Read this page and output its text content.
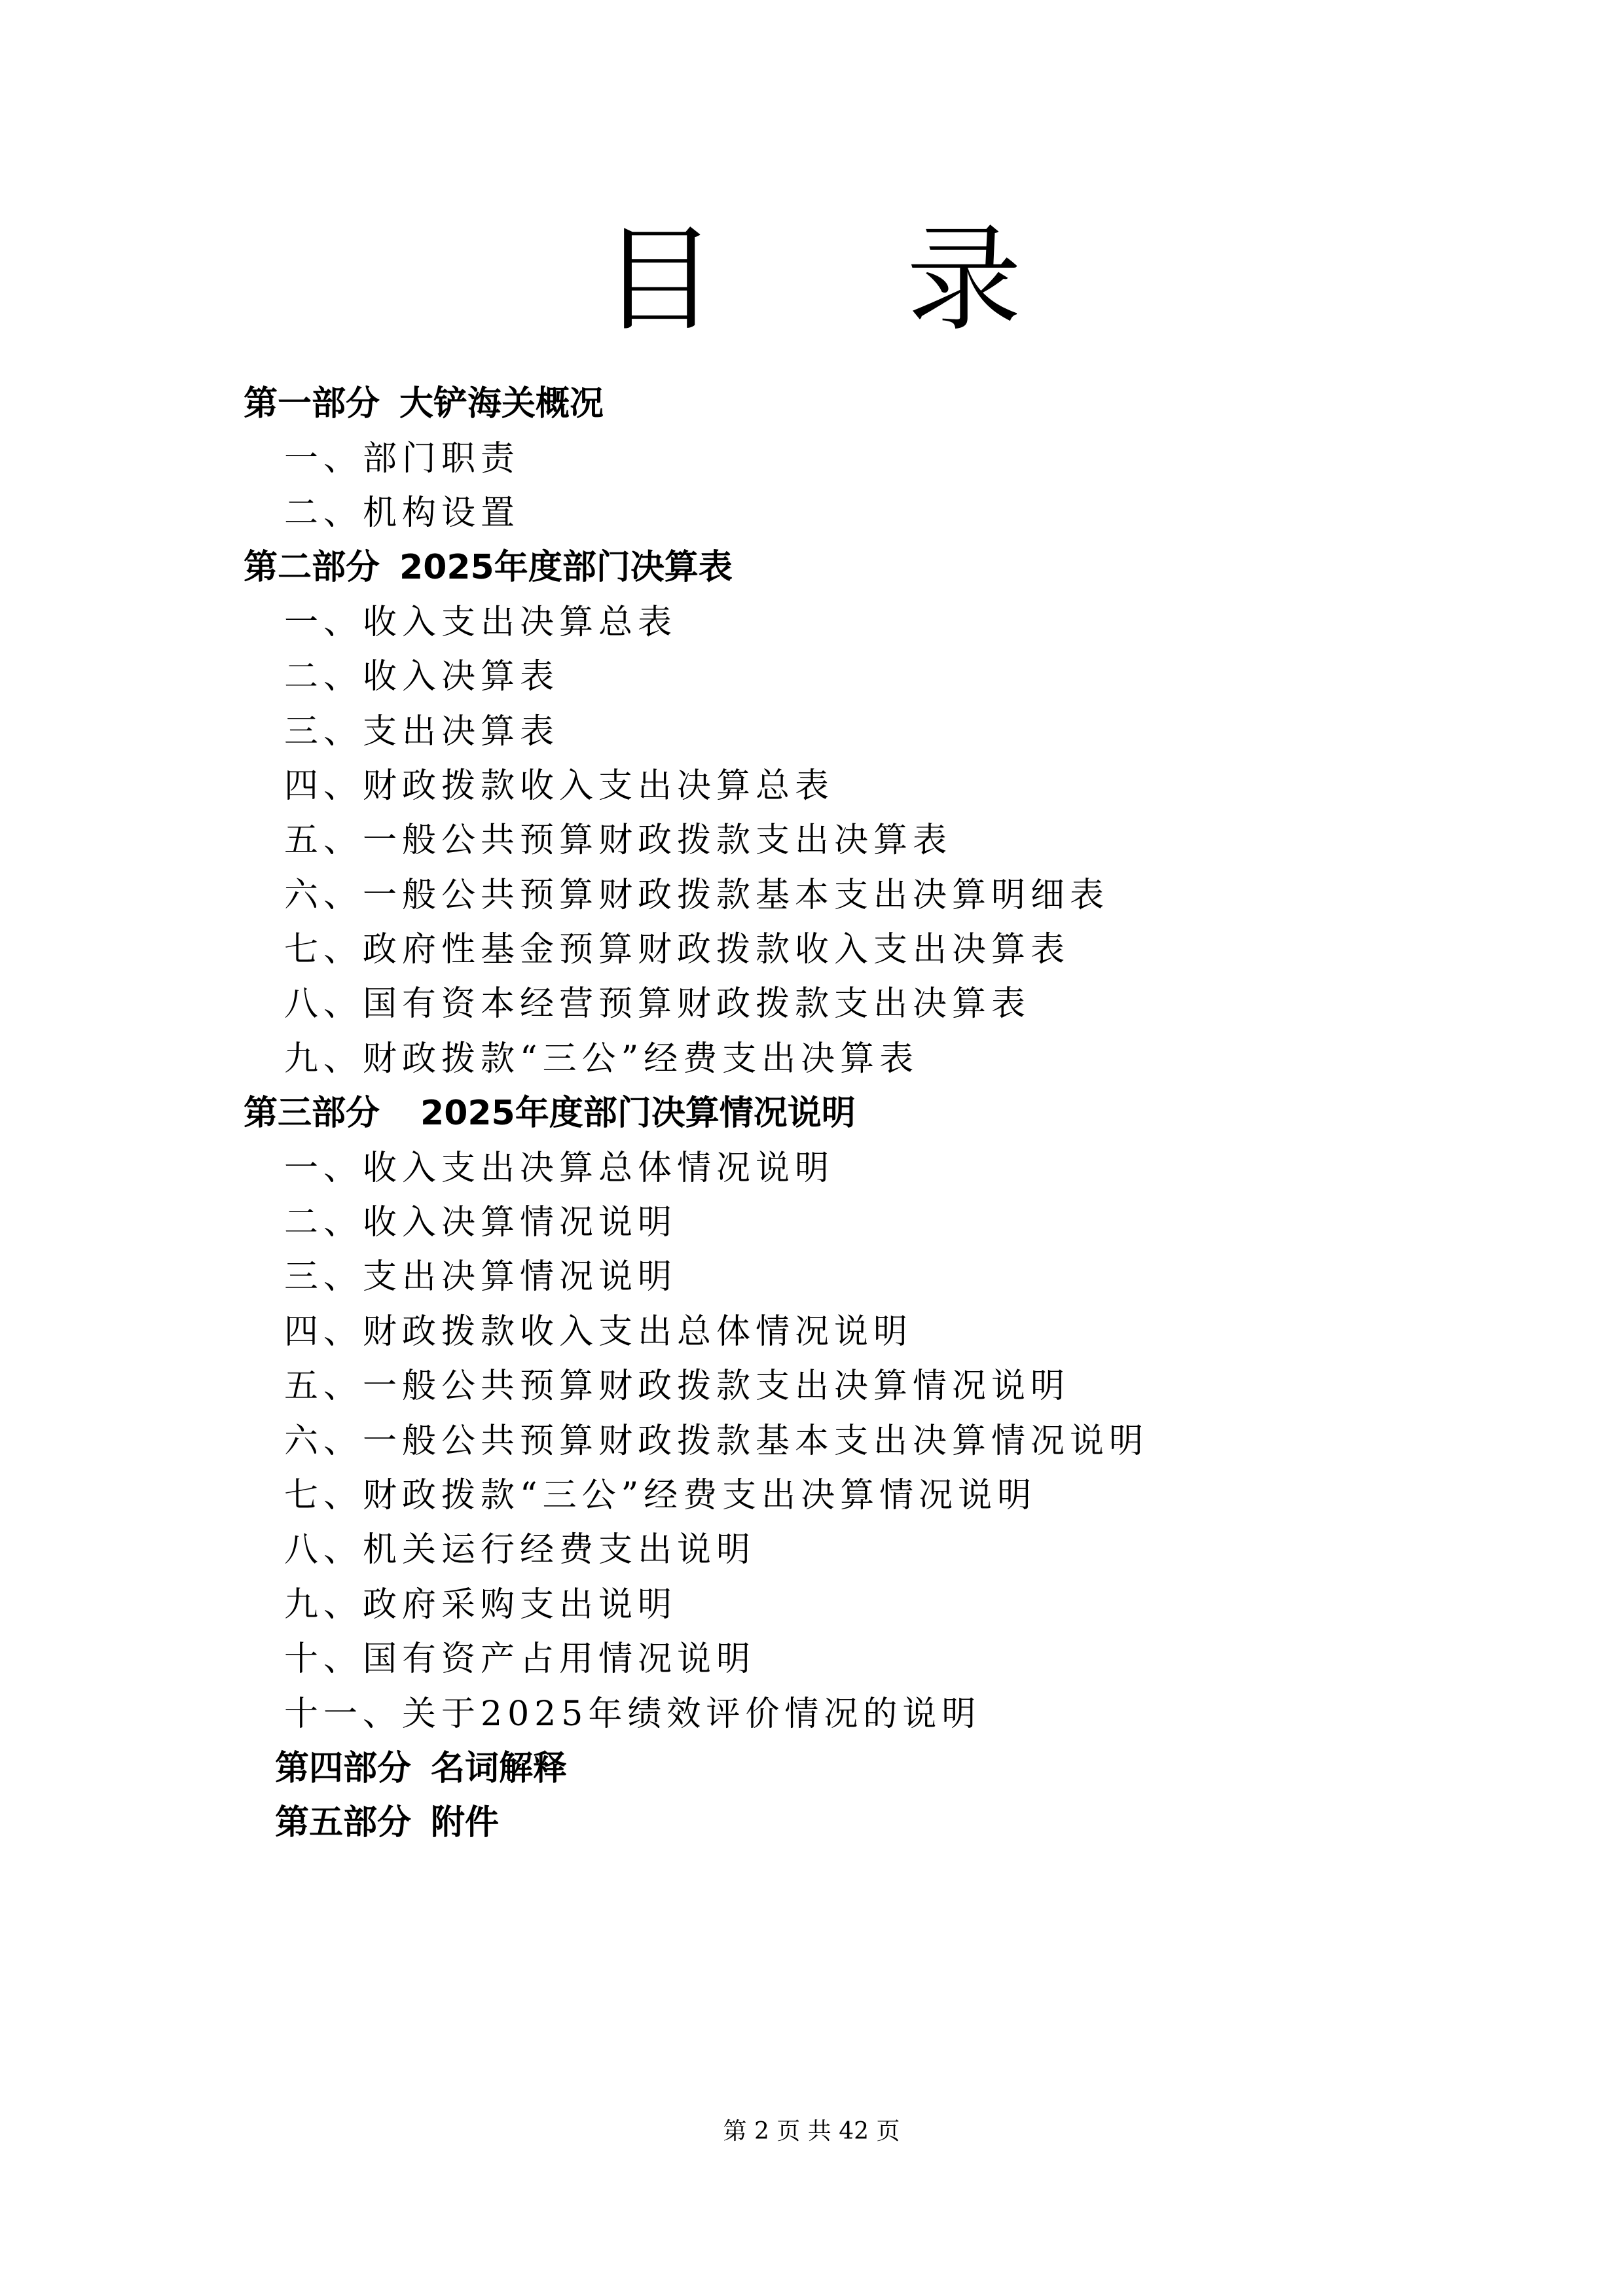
目 录
第一部分 大铲海关概况
一、部门职责
二、机构设置
第二部分 2025年度部门决算表
一、收入支出决算总表
二、收入决算表
三、支出决算表
四、财政拨款收入支出决算总表
五、一般公共预算财政拨款支出决算表
六、一般公共预算财政拨款基本支出决算明细表
七、政府性基金预算财政拨款收入支出决算表
八、国有资本经营预算财政拨款支出决算表
九、财政拨款“三公”经费支出决算表
第三部分 2025年度部门决算情况说明
一、收入支出决算总体情况说明
二、收入决算情况说明
三、支出决算情况说明
四、财政拨款收入支出总体情况说明
五、一般公共预算财政拨款支出决算情况说明
六、一般公共预算财政拨款基本支出决算情况说明
七、财政拨款“三公”经费支出决算情况说明
八、机关运行经费支出说明
九、政府采购支出说明
十、国有资产占用情况说明
十一、关于2025年绩效评价情况的说明
第四部分 名词解释
第五部分 附件
第 2 页 共 42 页
